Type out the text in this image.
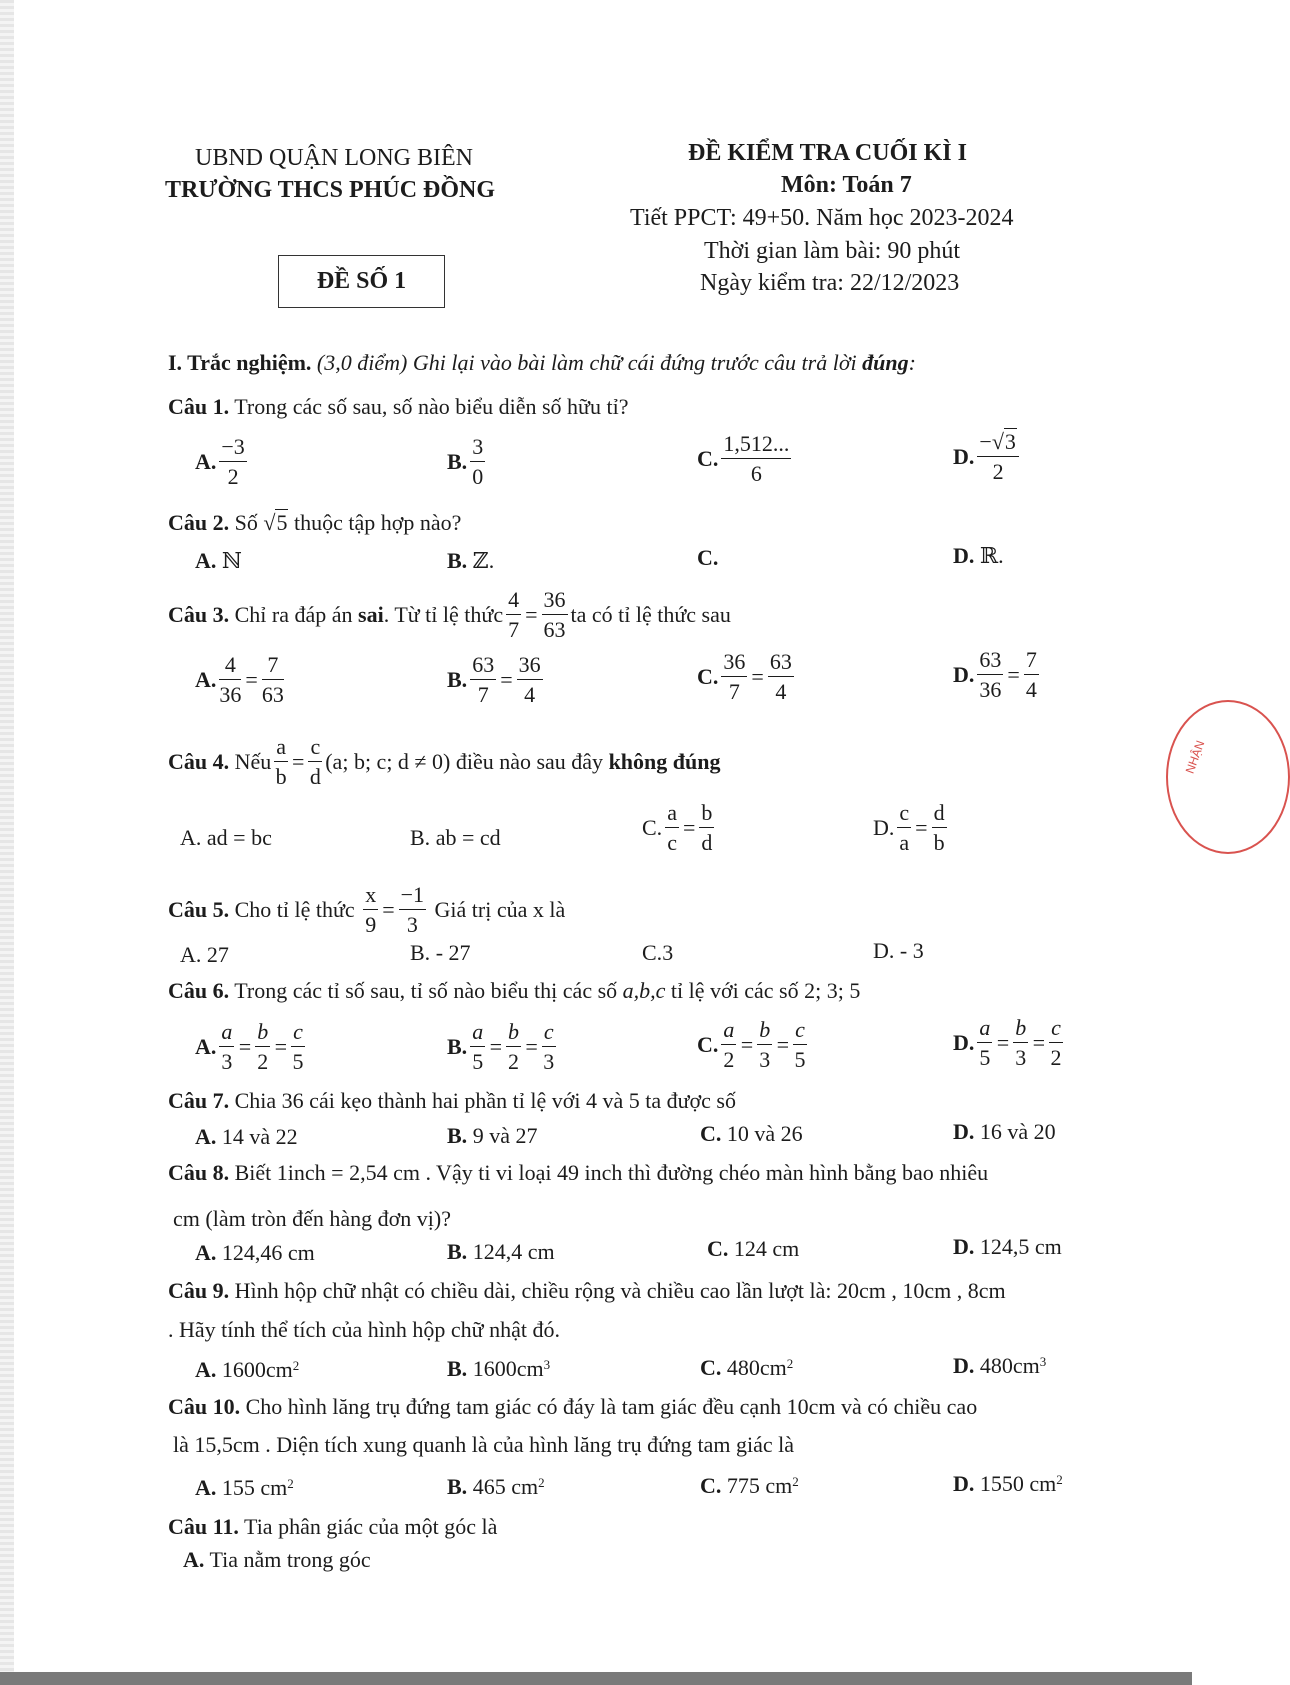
NHẬN
UBND QUẬN LONG BIÊN
TRƯỜNG THCS PHÚC ĐỒNG
ĐỀ KIỂM TRA CUỐI KÌ I
Môn: Toán 7
Tiết PPCT: 49+50. Năm học 2023-2024
Thời gian làm bài: 90 phút
Ngày kiểm tra: 22/12/2023
ĐỀ SỐ 1
I. Trắc nghiệm. (3,0 điểm) Ghi lại vào bài làm chữ cái đứng trước câu trả lời đúng:
Câu 1. Trong các số sau, số nào biểu diễn số hữu tỉ?
A. $\frac{-3}{2}$	B. $\frac{3}{0}$	C. $\frac{1,512...}{6}$	D. $\frac{-√3}{2}$
Câu 2. Số √5 thuộc tập hợp nào?
A. ℕ	B. ℤ.	C.	D. ℝ.
Câu 3.
Chỉ ra đáp án
sai . Từ tỉ lệ thức $\frac{4}{7} = \frac{36}{63}$ ta có tỉ lệ thức sau
A. $\frac{4}{36} = \frac{7}{63}$	B. $\frac{63}{7} = \frac{36}{4}$	C. $\frac{36}{7} = \frac{63}{4}$	D. $\frac{63}{36} = \frac{7}{4}$
Câu 4.
Nếu $\frac{a}{b} = \frac{c}{d} (a$; b; c; d ≠ 0)
điều nào sau đây
không đúng
A. ad = bc	B. ab = cd	C. $\frac{a}{c} = \frac{b}{d}$	D. $\frac{c}{a} = \frac{d}{b}$
Câu 5.
Cho tỉ lệ thức
$\frac{x}{9} = \frac{-1}{3}$
Giá trị của x là
A. 27	B. - 27	C.3	D. - 3
Câu 6. Trong các tỉ số sau, tỉ số nào biểu thị các số a,b,c tỉ lệ với các số 2; 3; 5
A. $\frac{a}{3} = \frac{b}{2} = \frac{c}{5}$	B. $\frac{a}{5} = \frac{b}{2} = \frac{c}{3}$	C. $\frac{a}{2} = \frac{b}{3} = \frac{c}{5}$	D. $\frac{a}{5} = \frac{b}{3} = \frac{c}{2}$
Câu 7. Chia 36 cái kẹo thành hai phần tỉ lệ với 4 và 5 ta được số
A. 14 và 22	B. 9 và 27	C. 10 và 26	D. 16 và 20
Câu 8. Biết 1inch = 2,54 cm . Vậy ti vi loại 49 inch thì đường chéo màn hình bằng bao nhiêu
cm (làm tròn đến hàng đơn vị)?
A. 124,46 cm	B. 124,4 cm	C. 124 cm	D. 124,5 cm
Câu 9. Hình hộp chữ nhật có chiều dài, chiều rộng và chiều cao lần lượt là: 20cm , 10cm , 8cm
. Hãy tính thể tích của hình hộp chữ nhật đó.
A. $1600cm^2$	B. $1600cm^3$	C. $480cm^2$	D. $480cm^3$
Câu 10. Cho hình lăng trụ đứng tam giác có đáy là tam giác đều cạnh 10cm và có chiều cao
là 15,5cm . Diện tích xung quanh là của hình lăng trụ đứng tam giác là
A. 155 $cm^2$	B. 465 $cm^2$	C. 775 $cm^2$	D. 1550 $cm^2$
Câu 11. Tia phân giác của một góc là
A. Tia nằm trong góc
